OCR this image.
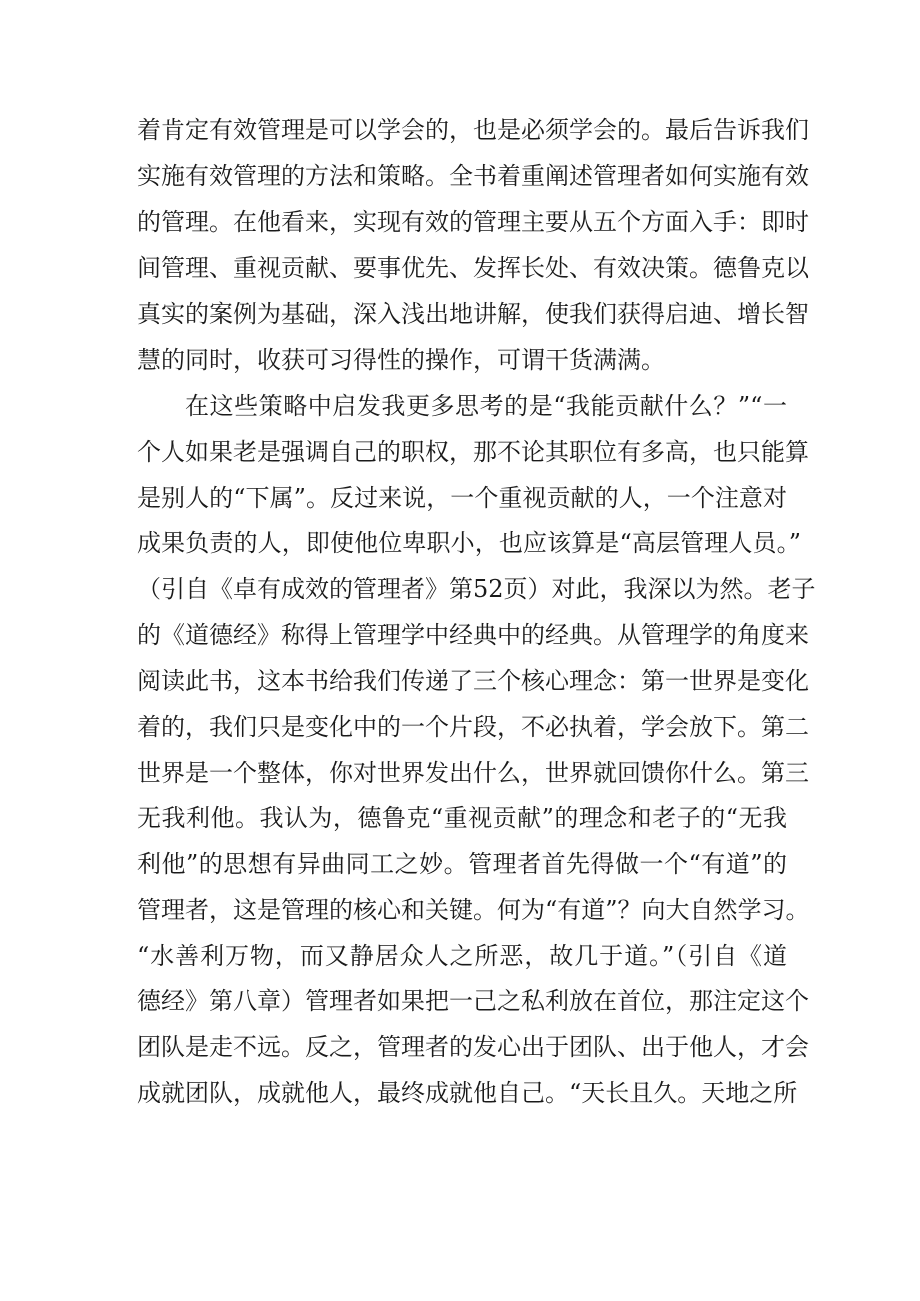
着肯定有效管理是可以学会的，也是必须学会的。最后告诉我们
实施有效管理的方法和策略。全书着重阐述管理者如何实施有效
的管理。在他看来，实现有效的管理主要从五个方面入手：即时
间管理、重视贡献、要事优先、发挥长处、有效决策。德鲁克以
真实的案例为基础，深入浅出地讲解，使我们获得启迪、增长智
慧的同时，收获可习得性的操作，可谓干货满满。
在这些策略中启发我更多思考的是“我能贡献什么？”“一
个人如果老是强调自己的职权，那不论其职位有多高，也只能算
是别人的“下属”。反过来说，一个重视贡献的人，一个注意对
成果负责的人，即使他位卑职小，也应该算是“高层管理人员。”
（引自《卓有成效的管理者》第52页）对此，我深以为然。老子
的《道德经》称得上管理学中经典中的经典。从管理学的角度来
阅读此书，这本书给我们传递了三个核心理念：第一世界是变化
着的，我们只是变化中的一个片段，不必执着，学会放下。第二
世界是一个整体，你对世界发出什么，世界就回馈你什么。第三
无我利他。我认为，德鲁克“重视贡献”的理念和老子的“无我
利他”的思想有异曲同工之妙。管理者首先得做一个“有道”的
管理者，这是管理的核心和关键。何为“有道”？向大自然学习。
“水善利万物，而又静居众人之所恶，故几于道。”（引自《道
德经》第八章）管理者如果把一己之私利放在首位，那注定这个
团队是走不远。反之，管理者的发心出于团队、出于他人，才会
成就团队，成就他人，最终成就他自己。“天长且久。天地之所
